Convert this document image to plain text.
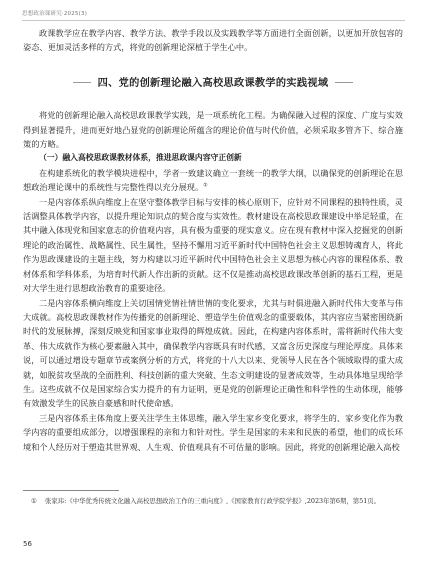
思想政治课研究·2025(3)

政课教学应在教学内容、教学方法、教学手段以及实践教学等方面进行全面创新，以更加开放包容的姿态、更加灵活多样的方式，将党的创新理论深植于学生心中。

四、党的创新理论融入高校思政课教学的实践视域

将党的创新理论融入高校思政课教学实践，是一项系统化工程。为确保融入过程的深度、广度与实效得到显著提升，进而更好地凸显党的创新理论所蕴含的理论价值与时代价值，必须采取多管齐下、综合施策的方略。

（一）融入高校思政课教材体系，推进思政课内容守正创新

在构建系统化的教学模块进程中，学者一致建议确立一套统一的教学大纲，以确保党的创新理论在思想政治理论课中的系统性与完整性得以充分展现。①

一是内容体系纵向维度上在坚守整体教学目标与安排的核心原则下，应针对不同课程的独特性质，灵活调整具体教学内容，以提升理论知识点的契合度与实效性。教材建设在高校思政课建设中举足轻重，在其中融入体现党和国家意志的价值观内容，具有极为重要的现实意义。应在现有教材中深入挖掘党的创新理论的政治属性、战略属性、民生属性，坚持不懈用习近平新时代中国特色社会主义思想铸魂育人，将此作为思政课建设的主题主线，努力构建以习近平新时代中国特色社会主义思想为核心内容的课程体系、教材体系和学科体系，为培育时代新人作出新的贡献。这不仅是推动高校思政课改革创新的基石工程，更是对大学生进行思想政治教育的重要途径。

二是内容体系横向维度上关切国情党情社情世情的变化要求，尤其与时俱进融入新时代伟大变革与伟大成就。高校思政课教材作为传播党的创新理论、塑造学生价值观念的重要载体，其内容应当紧密围绕新时代的发展脉搏，深刻反映党和国家事业取得的辉煌成就。因此，在构建内容体系时，需将新时代伟大变革、伟大成就作为核心要素融入其中，确保教学内容既具有时代感，又富含历史深度与理论厚度。具体来说，可以通过增设专题章节或案例分析的方式，将党的十八大以来、党领导人民在各个领域取得的重大成就，如脱贫攻坚战的全面胜利、科技创新的重大突破、生态文明建设的显著成效等，生动具体地呈现给学生。这些成就不仅是国家综合实力提升的有力证明，更是党的创新理论正确性和科学性的生动体现，能够有效激发学生的民族自豪感和时代使命感。

三是内容体系主体角度上要关注学生主体思维，融入学生家乡变化要求，将学生的、家乡变化作为教学内容的重要组成部分，以增强课程的亲和力和针对性。学生是国家的未来和民族的希望，他们的成长环境和个人经历对于塑造其世界观、人生观、价值观具有不可估量的影响。因此，将党的创新理论融入高校

①	张家玮:《中华优秀传统文化融入高校思想政治工作的三重向度》,《国家教育行政学院学报》,2023年第6期，第51页。
56
